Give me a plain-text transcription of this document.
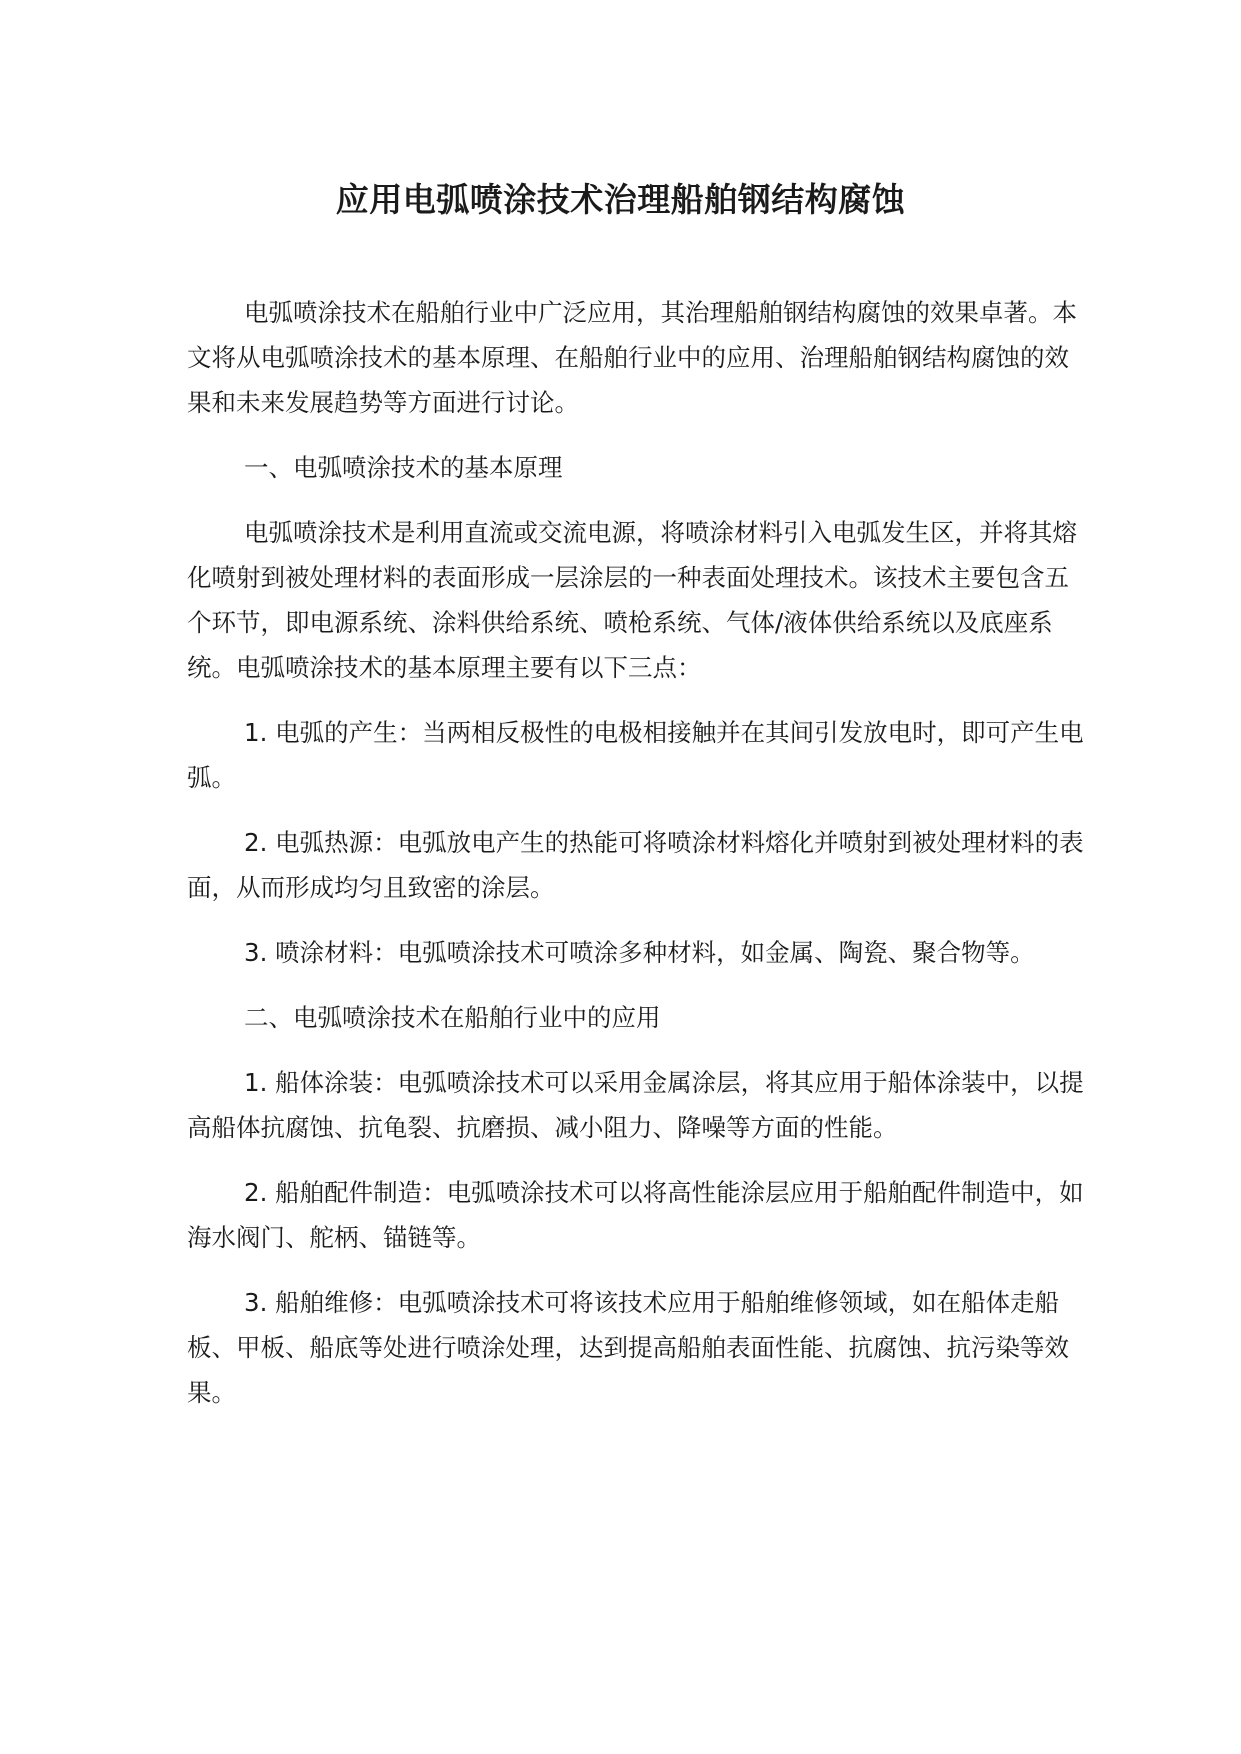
应用电弧喷涂技术治理船舶钢结构腐蚀

电弧喷涂技术在船舶行业中广泛应用，其治理船舶钢结构腐蚀的效果卓著。本文将从电弧喷涂技术的基本原理、在船舶行业中的应用、治理船舶钢结构腐蚀的效果和未来发展趋势等方面进行讨论。

一、电弧喷涂技术的基本原理

电弧喷涂技术是利用直流或交流电源，将喷涂材料引入电弧发生区，并将其熔化喷射到被处理材料的表面形成一层涂层的一种表面处理技术。该技术主要包含五个环节，即电源系统、涂料供给系统、喷枪系统、气体/液体供给系统以及底座系统。电弧喷涂技术的基本原理主要有以下三点：

1. 电弧的产生：当两相反极性的电极相接触并在其间引发放电时，即可产生电弧。

2. 电弧热源：电弧放电产生的热能可将喷涂材料熔化并喷射到被处理材料的表面，从而形成均匀且致密的涂层。

3. 喷涂材料：电弧喷涂技术可喷涂多种材料，如金属、陶瓷、聚合物等。

二、电弧喷涂技术在船舶行业中的应用

1. 船体涂装：电弧喷涂技术可以采用金属涂层，将其应用于船体涂装中，以提高船体抗腐蚀、抗龟裂、抗磨损、减小阻力、降噪等方面的性能。

2. 船舶配件制造：电弧喷涂技术可以将高性能涂层应用于船舶配件制造中，如海水阀门、舵柄、锚链等。

3. 船舶维修：电弧喷涂技术可将该技术应用于船舶维修领域，如在船体走船板、甲板、船底等处进行喷涂处理，达到提高船舶表面性能、抗腐蚀、抗污染等效果。
